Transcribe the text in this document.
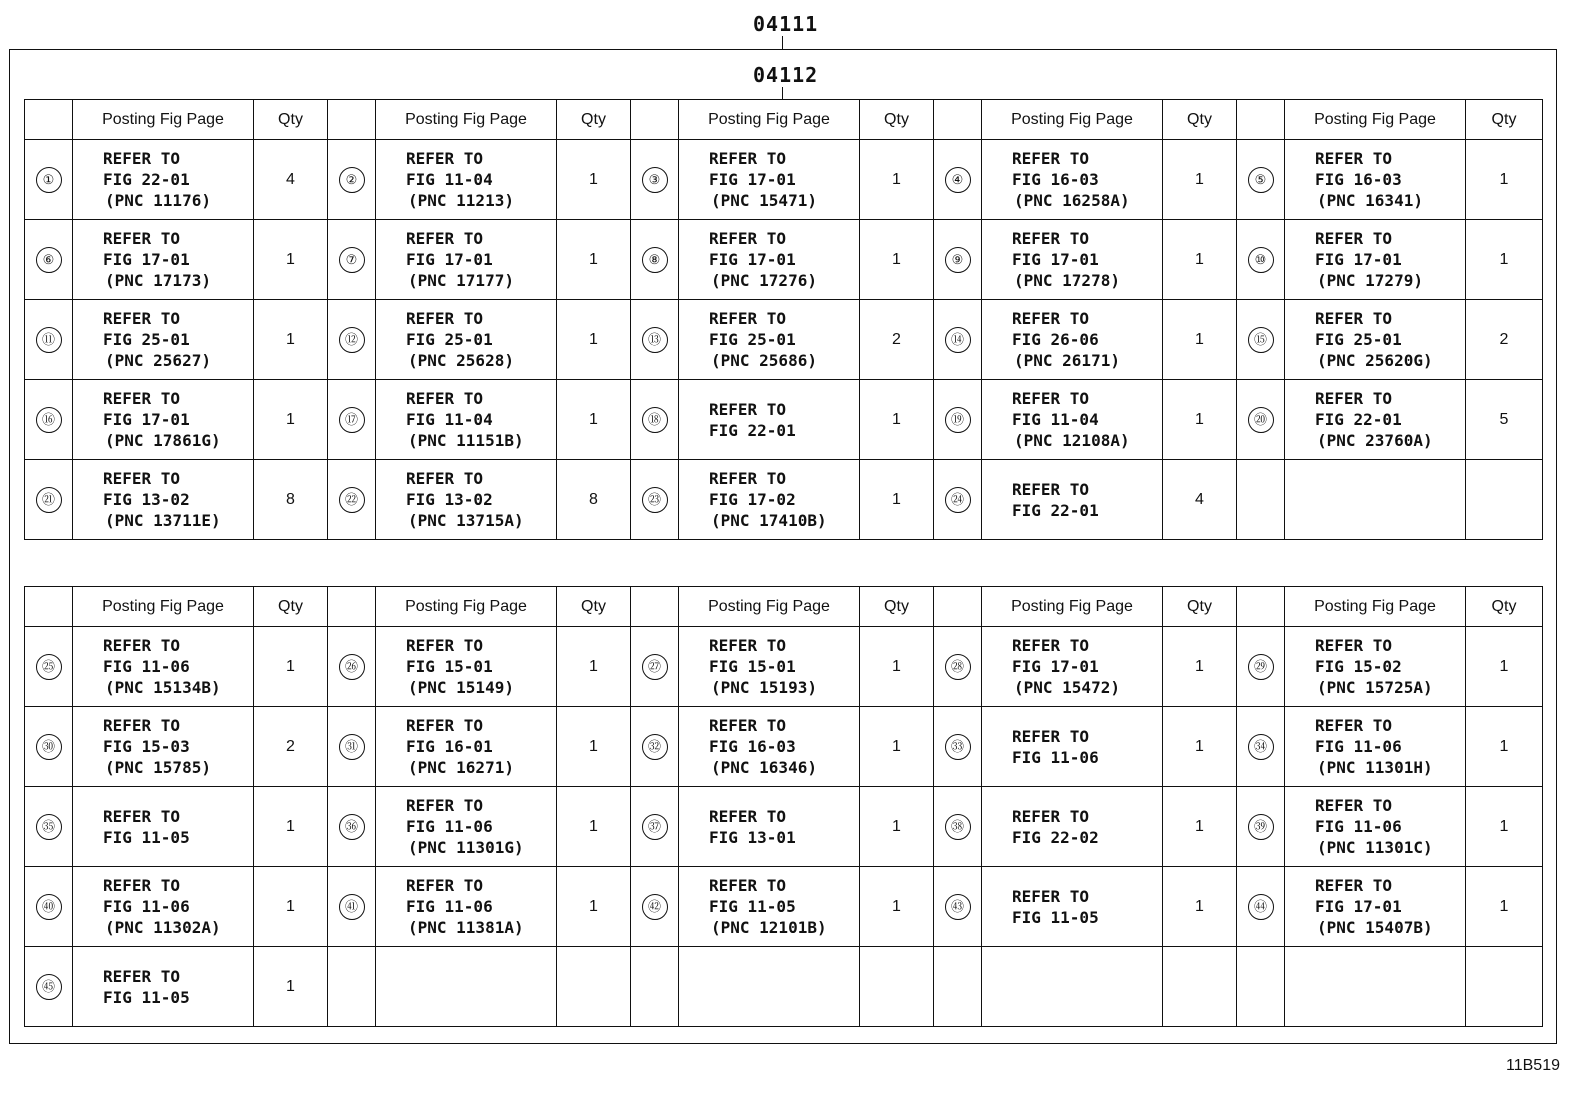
04111
04112
	Posting Fig Page	Qty		Posting Fig Page	Qty		Posting Fig Page	Qty		Posting Fig Page	Qty		Posting Fig Page	Qty
①	REFER TO
FIG 22-01
(PNC 11176)	4	②	REFER TO
FIG 11-04
(PNC 11213)	1	③	REFER TO
FIG 17-01
(PNC 15471)	1	④	REFER TO
FIG 16-03
(PNC 16258A)	1	⑤	REFER TO
FIG 16-03
(PNC 16341)	1
⑥	REFER TO
FIG 17-01
(PNC 17173)	1	⑦	REFER TO
FIG 17-01
(PNC 17177)	1	⑧	REFER TO
FIG 17-01
(PNC 17276)	1	⑨	REFER TO
FIG 17-01
(PNC 17278)	1	⑩	REFER TO
FIG 17-01
(PNC 17279)	1
⑪	REFER TO
FIG 25-01
(PNC 25627)	1	⑫	REFER TO
FIG 25-01
(PNC 25628)	1	⑬	REFER TO
FIG 25-01
(PNC 25686)	2	⑭	REFER TO
FIG 26-06
(PNC 26171)	1	⑮	REFER TO
FIG 25-01
(PNC 25620G)	2
⑯	REFER TO
FIG 17-01
(PNC 17861G)	1	⑰	REFER TO
FIG 11-04
(PNC 11151B)	1	⑱	REFER TO
FIG 22-01	1	⑲	REFER TO
FIG 11-04
(PNC 12108A)	1	⑳	REFER TO
FIG 22-01
(PNC 23760A)	5
㉑	REFER TO
FIG 13-02
(PNC 13711E)	8	㉒	REFER TO
FIG 13-02
(PNC 13715A)	8	㉓	REFER TO
FIG 17-02
(PNC 17410B)	1	㉔	REFER TO
FIG 22-01	4			
	Posting Fig Page	Qty		Posting Fig Page	Qty		Posting Fig Page	Qty		Posting Fig Page	Qty		Posting Fig Page	Qty
㉕	REFER TO
FIG 11-06
(PNC 15134B)	1	㉖	REFER TO
FIG 15-01
(PNC 15149)	1	㉗	REFER TO
FIG 15-01
(PNC 15193)	1	㉘	REFER TO
FIG 17-01
(PNC 15472)	1	㉙	REFER TO
FIG 15-02
(PNC 15725A)	1
㉚	REFER TO
FIG 15-03
(PNC 15785)	2	㉛	REFER TO
FIG 16-01
(PNC 16271)	1	㉜	REFER TO
FIG 16-03
(PNC 16346)	1	㉝	REFER TO
FIG 11-06	1	㉞	REFER TO
FIG 11-06
(PNC 11301H)	1
㉟	REFER TO
FIG 11-05	1	㊱	REFER TO
FIG 11-06
(PNC 11301G)	1	㊲	REFER TO
FIG 13-01	1	㊳	REFER TO
FIG 22-02	1	㊴	REFER TO
FIG 11-06
(PNC 11301C)	1
㊵	REFER TO
FIG 11-06
(PNC 11302A)	1	㊶	REFER TO
FIG 11-06
(PNC 11381A)	1	㊷	REFER TO
FIG 11-05
(PNC 12101B)	1	㊸	REFER TO
FIG 11-05	1	㊹	REFER TO
FIG 17-01
(PNC 15407B)	1
㊺	REFER TO
FIG 11-05	1												
11B519
